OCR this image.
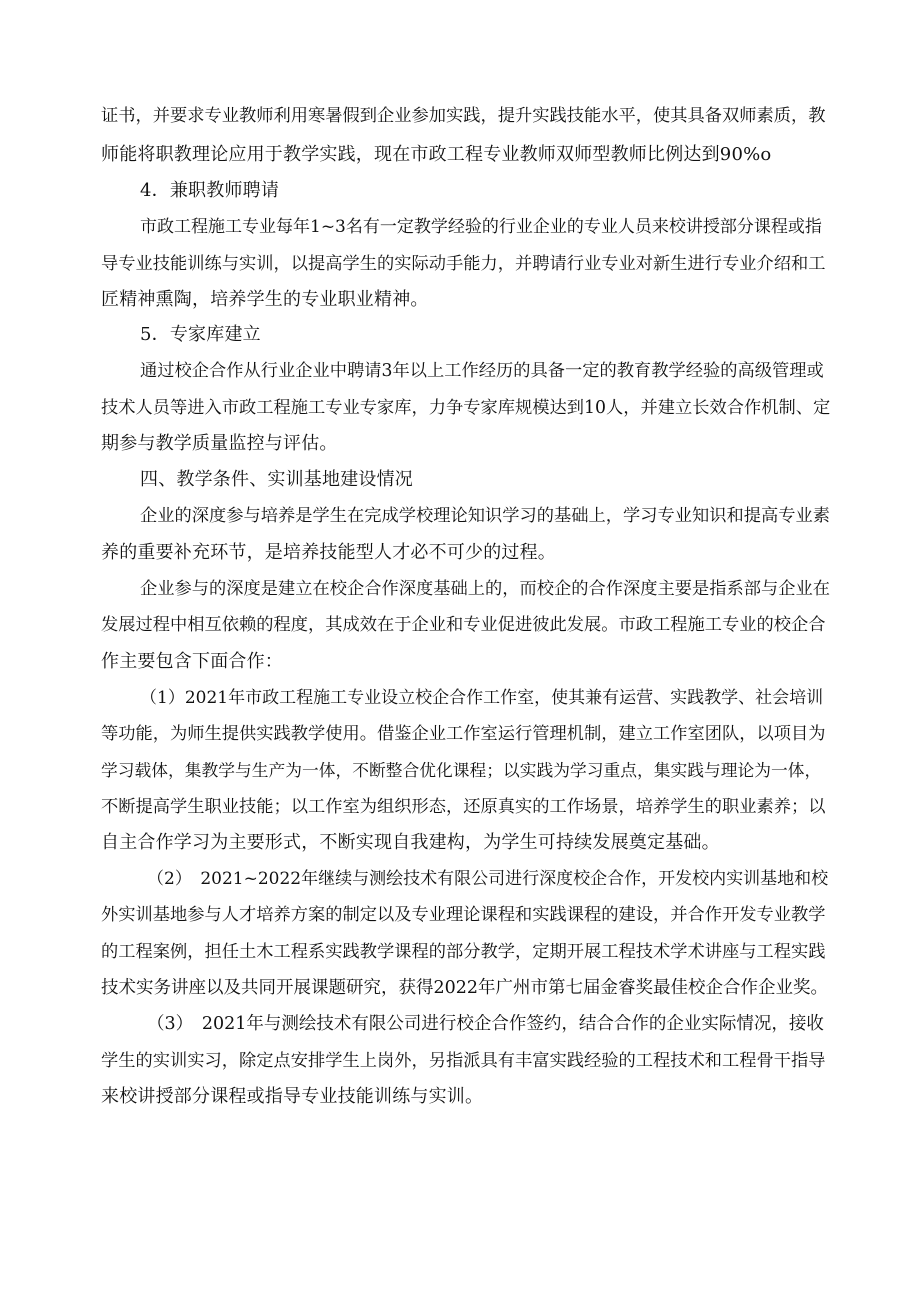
证书，并要求专业教师利用寒暑假到企业参加实践，提升实践技能水平，使其具备双师素质，教
师能将职教理论应用于教学实践，现在市政工程专业教师双师型教师比例达到90%o
4．兼职教师聘请
市政工程施工专业每年1~3名有一定教学经验的行业企业的专业人员来校讲授部分课程或指
导专业技能训练与实训，以提高学生的实际动手能力，并聘请行业专业对新生进行专业介绍和工
匠精神熏陶，培养学生的专业职业精神。
5．专家库建立
通过校企合作从行业企业中聘请3年以上工作经历的具备一定的教育教学经验的高级管理或
技术人员等进入市政工程施工专业专家库，力争专家库规模达到10人，并建立长效合作机制、定
期参与教学质量监控与评估。
四、教学条件、实训基地建设情况
企业的深度参与培养是学生在完成学校理论知识学习的基础上，学习专业知识和提高专业素
养的重要补充环节，是培养技能型人才必不可少的过程。
企业参与的深度是建立在校企合作深度基础上的，而校企的合作深度主要是指系部与企业在
发展过程中相互依赖的程度，其成效在于企业和专业促进彼此发展。市政工程施工专业的校企合
作主要包含下面合作：
（1）2021年市政工程施工专业设立校企合作工作室，使其兼有运营、实践教学、社会培训
等功能，为师生提供实践教学使用。借鉴企业工作室运行管理机制，建立工作室团队，以项目为
学习载体，集教学与生产为一体，不断整合优化课程；以实践为学习重点，集实践与理论为一体，
不断提高学生职业技能；以工作室为组织形态，还原真实的工作场景，培养学生的职业素养；以
自主合作学习为主要形式，不断实现自我建构，为学生可持续发展奠定基础。
（2）　2021~2022年继续与测绘技术有限公司进行深度校企合作，开发校内实训基地和校
外实训基地参与人才培养方案的制定以及专业理论课程和实践课程的建设，并合作开发专业教学
的工程案例，担任土木工程系实践教学课程的部分教学，定期开展工程技术学术讲座与工程实践
技术实务讲座以及共同开展课题研究，获得2022年广州市第七届金睿奖最佳校企合作企业奖。
（3）　2021年与测绘技术有限公司进行校企合作签约，结合合作的企业实际情况，接收
学生的实训实习，除定点安排学生上岗外，另指派具有丰富实践经验的工程技术和工程骨干指导
来校讲授部分课程或指导专业技能训练与实训。
